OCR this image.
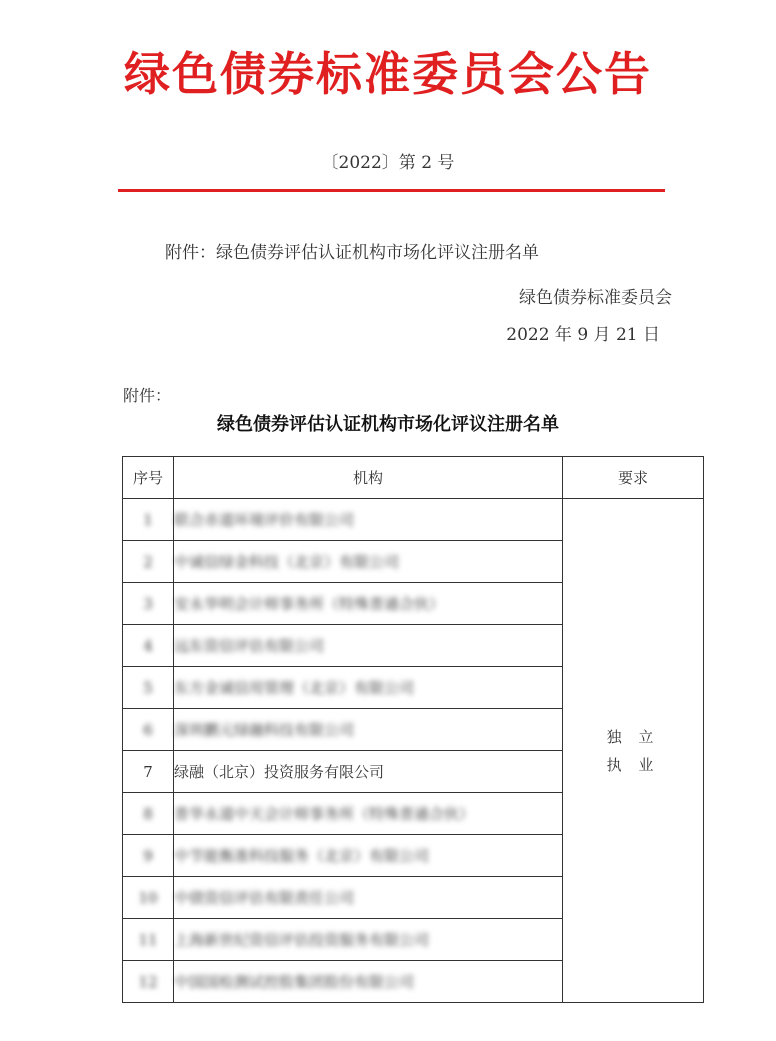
绿色债券标准委员会公告
〔2022〕第 2 号
附件：绿色债券评估认证机构市场化评议注册名单
绿色债券标准委员会
2022 年 9 月 21 日
附件：
绿色债券评估认证机构市场化评议注册名单
序号	机构	要求
1	联合赤道环境评价有限公司	独 立
执 业

2	中诚信绿金科技（北京）有限公司	
3	安永华明会计师事务所（特殊普通合伙）	
4	远东资信评估有限公司	
5	东方金诚信用管理（北京）有限公司	
6	深圳鹏元绿融科技有限公司	
7	绿融（北京）投资服务有限公司	
8	普华永道中天会计师事务所（特殊普通合伙）	
9	中节能衡准科技服务（北京）有限公司	
10	中债资信评估有限责任公司	
11	上海新世纪资信评估投资服务有限公司	
12	中国国检测试控股集团股份有限公司	
